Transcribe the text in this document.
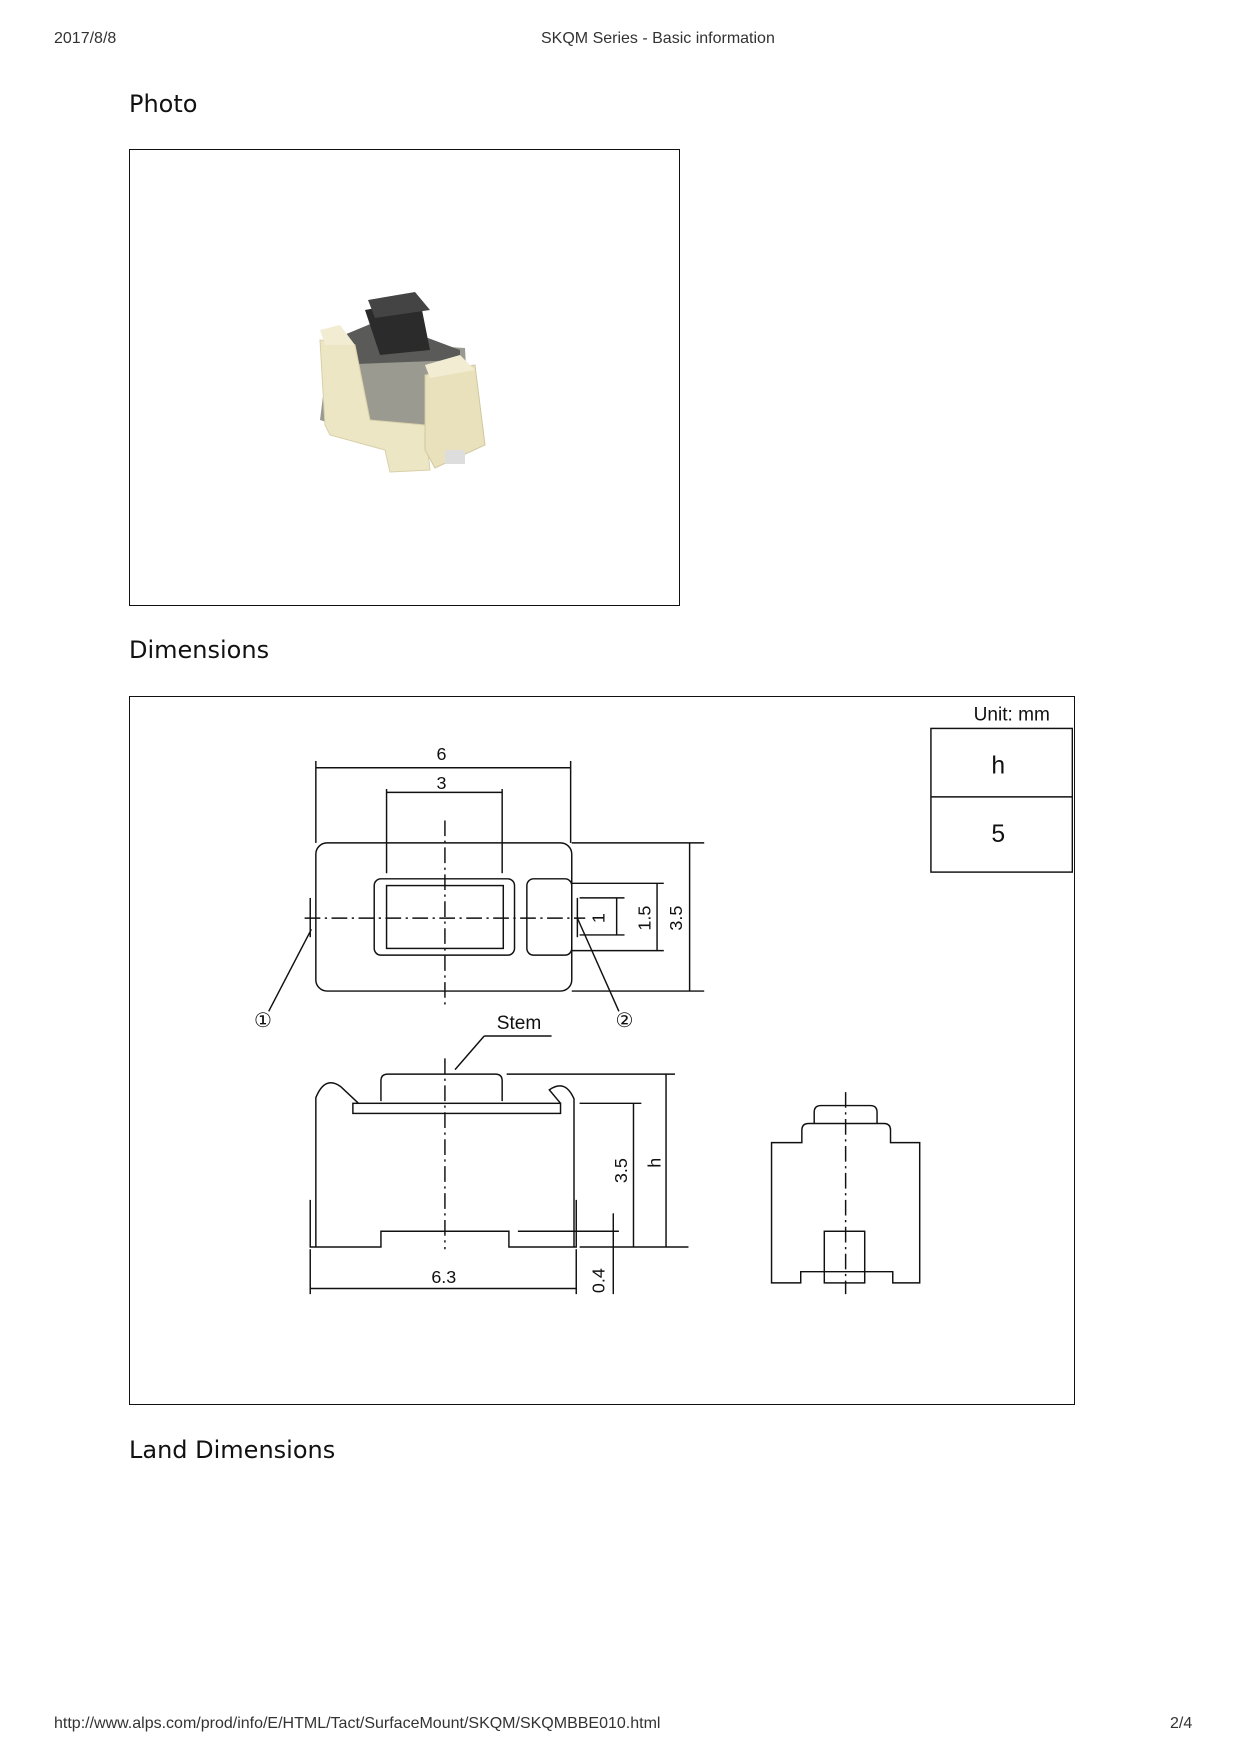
2017/8/8	SKQM Series - Basic information
Photo
Dimensions
Unit: mm
h
5
6
3
1 1.5 3.5
①	②
Stem
3.5 h
6.3	0.4
Land Dimensions
http://www.alps.com/prod/info/E/HTML/Tact/SurfaceMount/SKQM/SKQMBBE010.html	2/4
